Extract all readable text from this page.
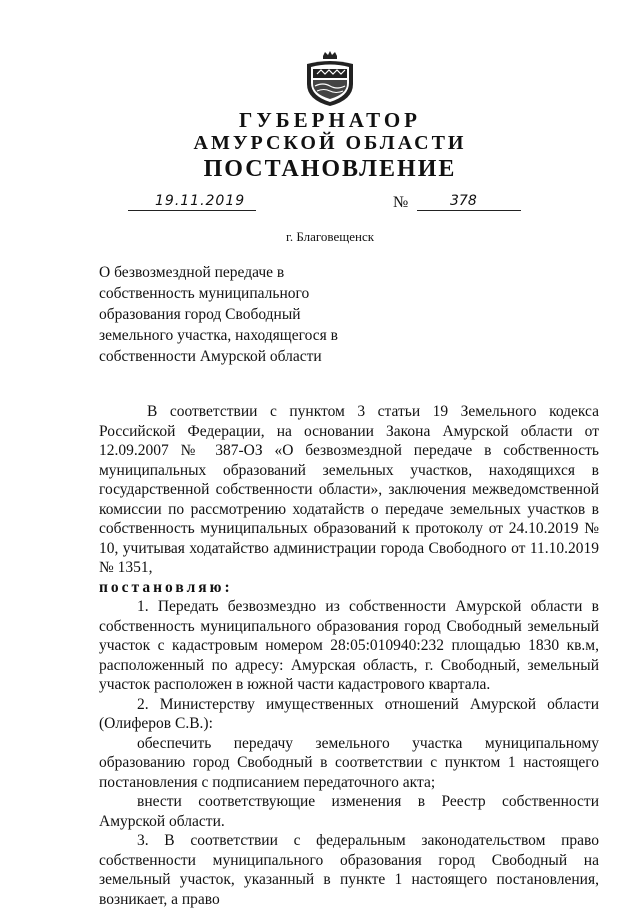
ГУБЕРНАТОР
АМУРСКОЙ ОБЛАСТИ
ПОСТАНОВЛЕНИЕ
19.11.2019	№	378
г. Благовещенск
О безвозмездной передаче в собственность муниципального образования город Свободный земельного участка, находящегося в собственности Амурской области

В соответствии с пунктом 3 статьи 19 Земельного кодекса Российской Федерации, на основании Закона Амурской области от 12.09.2007 № 387-ОЗ «О безвозмездной передаче в собственность муниципальных образований земельных участков, находящихся в государственной собственности области», заключения межведомственной комиссии по рассмотрению ходатайств о передаче земельных участков в собственность муниципальных образований к протоколу от 24.10.2019 № 10, учитывая ходатайство администрации города Свободного от 11.10.2019 № 1351,

постановляю:

1. Передать безвозмездно из собственности Амурской области в собственность муниципального образования город Свободный земельный участок с кадастровым номером 28:05:010940:232 площадью 1830 кв.м, расположенный по адресу: Амурская область, г. Свободный, земельный участок расположен в южной части кадастрового квартала.

2. Министерству имущественных отношений Амурской области (Олиферов С.В.):

обеспечить передачу земельного участка муниципальному образованию город Свободный в соответствии с пунктом 1 настоящего постановления с подписанием передаточного акта;

внести соответствующие изменения в Реестр собственности Амурской области.

3. В соответствии с федеральным законодательством право собственности муниципального образования город Свободный на земельный участок, указанный в пункте 1 настоящего постановления, возникает, а право
